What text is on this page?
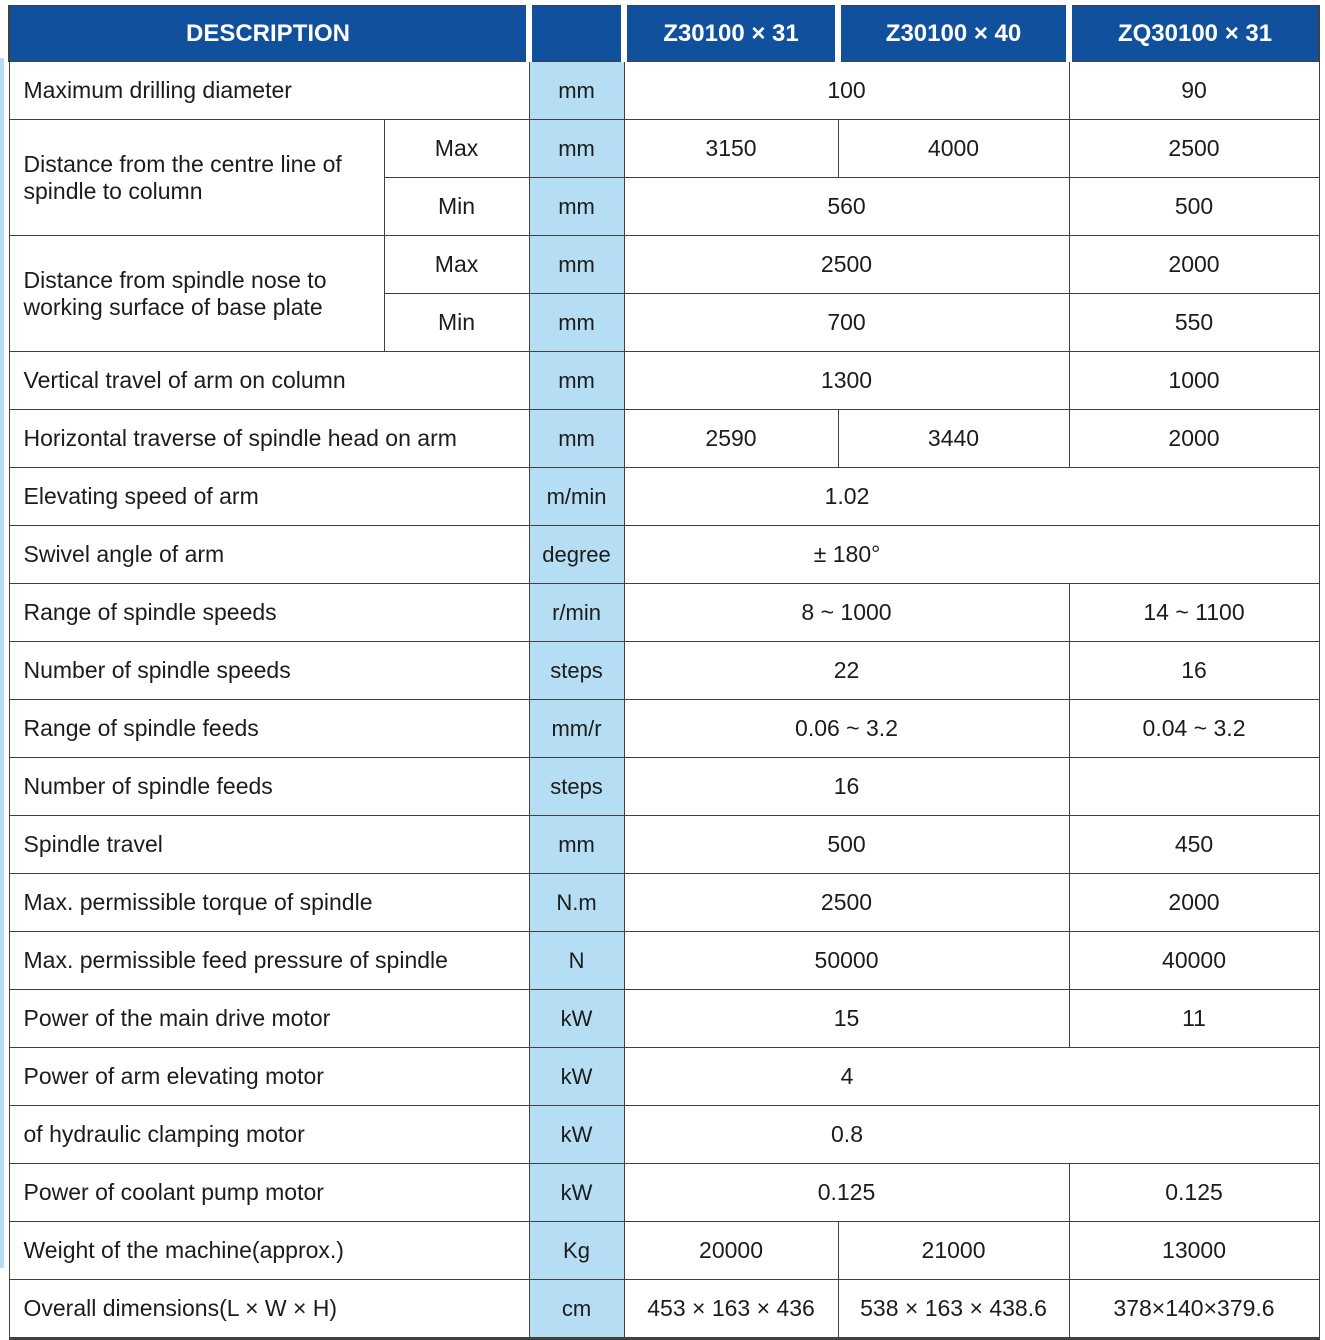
DESCRIPTION			Z30100 × 31	Z30100 × 40	ZQ30100 × 31
Maximum drilling diameter		mm	100		90
Distance from the centre line of spindle to column	Max	mm	3150	4000	2500
	Min	mm	560		500
Distance from spindle nose to working surface of base plate	Max	mm	2500		2000
	Min	mm	700		550
Vertical travel of arm on column		mm	1300		1000
Horizontal traverse of spindle head on arm		mm	2590	3440	2000
Elevating speed of arm		m/min	1.02		
Swivel angle of arm		degree	± 180°		
Range of spindle speeds		r/min	8 ~ 1000		14 ~ 1100
Number of spindle speeds		steps	22		16
Range of spindle feeds		mm/r	0.06 ~ 3.2		0.04 ~ 3.2
Number of spindle feeds		steps	16		
Spindle travel		mm	500		450
Max. permissible torque of spindle		N.m	2500		2000
Max. permissible feed pressure of spindle		N	50000		40000
Power of the main drive motor		kW	15		11
Power of arm elevating motor		kW	4		
of hydraulic clamping motor		kW	0.8		
Power of coolant pump motor		kW	0.125		0.125
Weight of the machine(approx.)		Kg	20000	21000	13000
Overall dimensions(L × W × H)		cm	453 × 163 × 436	538 × 163 × 438.6	378×140×379.6
